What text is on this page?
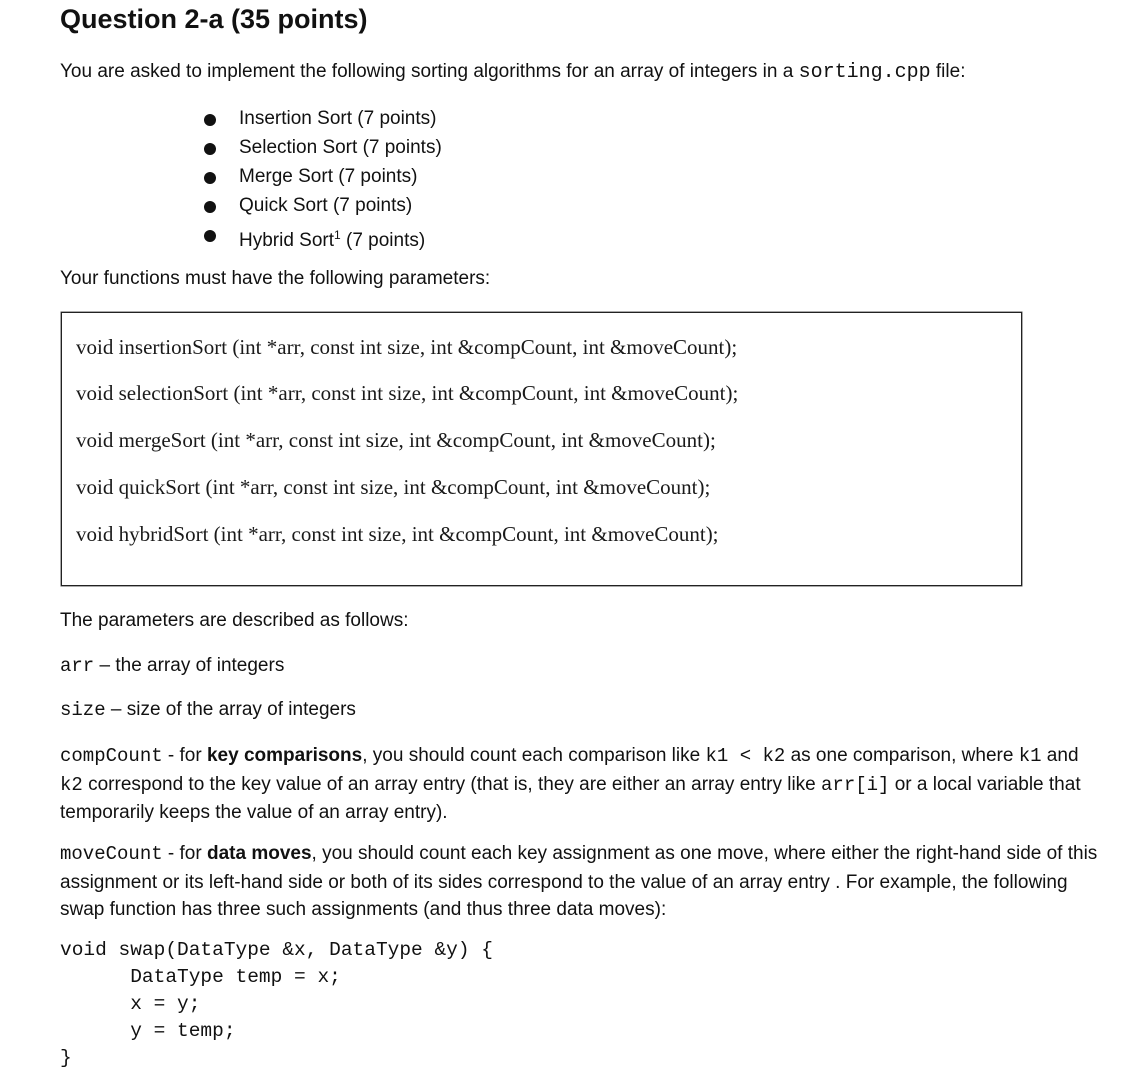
Question 2-a (35 points)
You are asked to implement the following sorting algorithms for an array of integers in a sorting.cpp file:
Insertion Sort (7 points)
Selection Sort (7 points)
Merge Sort (7 points)
Quick Sort (7 points)
Hybrid Sort$^1$ (7 points)
Your functions must have the following parameters:
void insertionSort (int *arr, const int size, int &compCount, int &moveCount);
void selectionSort (int *arr, const int size, int &compCount, int &moveCount);
void mergeSort (int *arr, const int size, int &compCount, int &moveCount);
void quickSort (int *arr, const int size, int &compCount, int &moveCount);
void hybridSort (int *arr, const int size, int &compCount, int &moveCount);
The parameters are described as follows:
arr – the array of integers
size – size of the array of integers
compCount - for key comparisons, you should count each comparison like k1 < k2 as one comparison, where k1 and k2 correspond to the key value of an array entry (that is, they are either an array entry like arr[i] or a local variable that temporarily keeps the value of an array entry).
moveCount - for data moves, you should count each key assignment as one move, where either the right-hand side of this assignment or its left-hand side or both of its sides correspond to the value of an array entry . For example, the following swap function has three such assignments (and thus three data moves):
void swap(DataType &x, DataType &y) {
DataType temp = x;
x = y;
y = temp;
}
